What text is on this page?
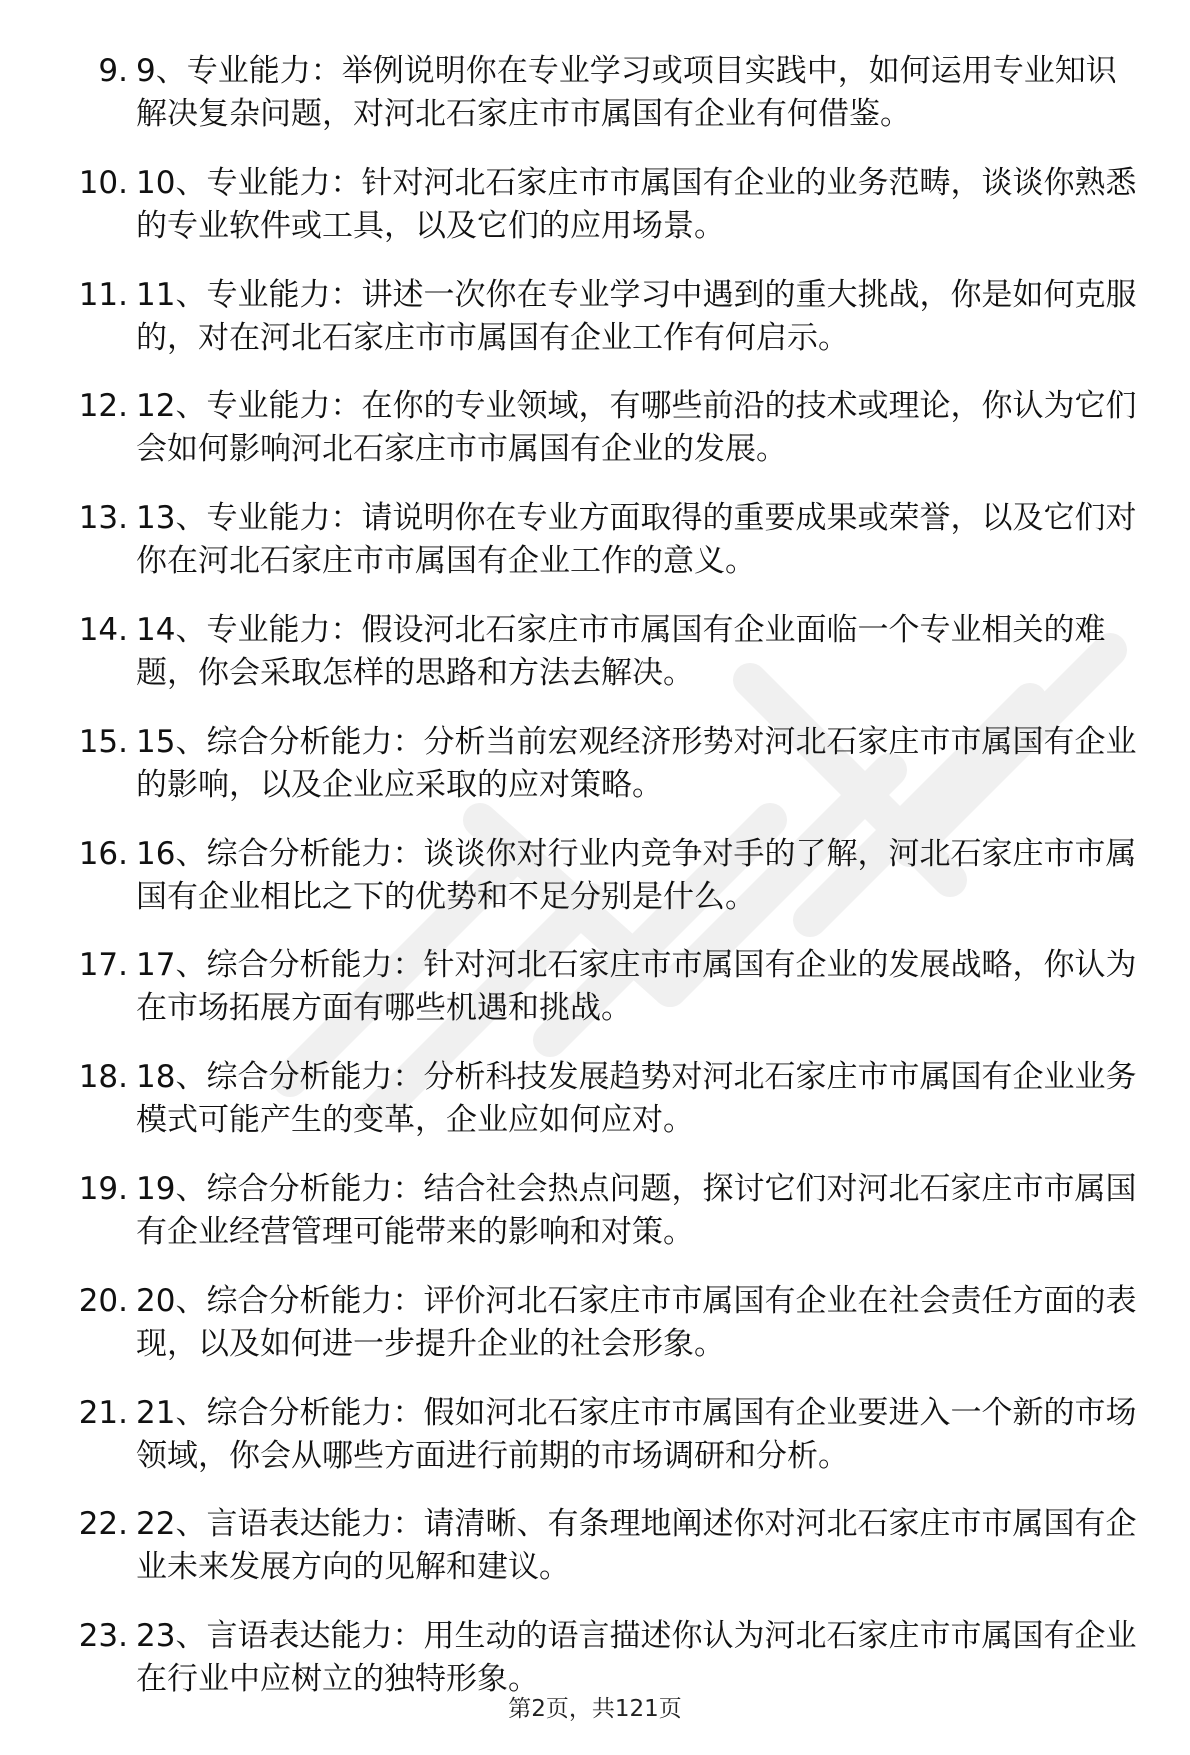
9. 9、专业能力：举例说明你在专业学习或项目实践中，如何运用专业知识解决复杂问题，对河北石家庄市市属国有企业有何借鉴。
10. 10、专业能力：针对河北石家庄市市属国有企业的业务范畴，谈谈你熟悉的专业软件或工具，以及它们的应用场景。
11. 11、专业能力：讲述一次你在专业学习中遇到的重大挑战，你是如何克服的，对在河北石家庄市市属国有企业工作有何启示。
12. 12、专业能力：在你的专业领域，有哪些前沿的技术或理论，你认为它们会如何影响河北石家庄市市属国有企业的发展。
13. 13、专业能力：请说明你在专业方面取得的重要成果或荣誉，以及它们对你在河北石家庄市市属国有企业工作的意义。
14. 14、专业能力：假设河北石家庄市市属国有企业面临一个专业相关的难题，你会采取怎样的思路和方法去解决。
15. 15、综合分析能力：分析当前宏观经济形势对河北石家庄市市属国有企业的影响，以及企业应采取的应对策略。
16. 16、综合分析能力：谈谈你对行业内竞争对手的了解，河北石家庄市市属国有企业相比之下的优势和不足分别是什么。
17. 17、综合分析能力：针对河北石家庄市市属国有企业的发展战略，你认为在市场拓展方面有哪些机遇和挑战。
18. 18、综合分析能力：分析科技发展趋势对河北石家庄市市属国有企业业务模式可能产生的变革，企业应如何应对。
19. 19、综合分析能力：结合社会热点问题，探讨它们对河北石家庄市市属国有企业经营管理可能带来的影响和对策。
20. 20、综合分析能力：评价河北石家庄市市属国有企业在社会责任方面的表现，以及如何进一步提升企业的社会形象。
21. 21、综合分析能力：假如河北石家庄市市属国有企业要进入一个新的市场领域，你会从哪些方面进行前期的市场调研和分析。
22. 22、言语表达能力：请清晰、有条理地阐述你对河北石家庄市市属国有企业未来发展方向的见解和建议。
23. 23、言语表达能力：用生动的语言描述你认为河北石家庄市市属国有企业在行业中应树立的独特形象。
第2页，共121页
